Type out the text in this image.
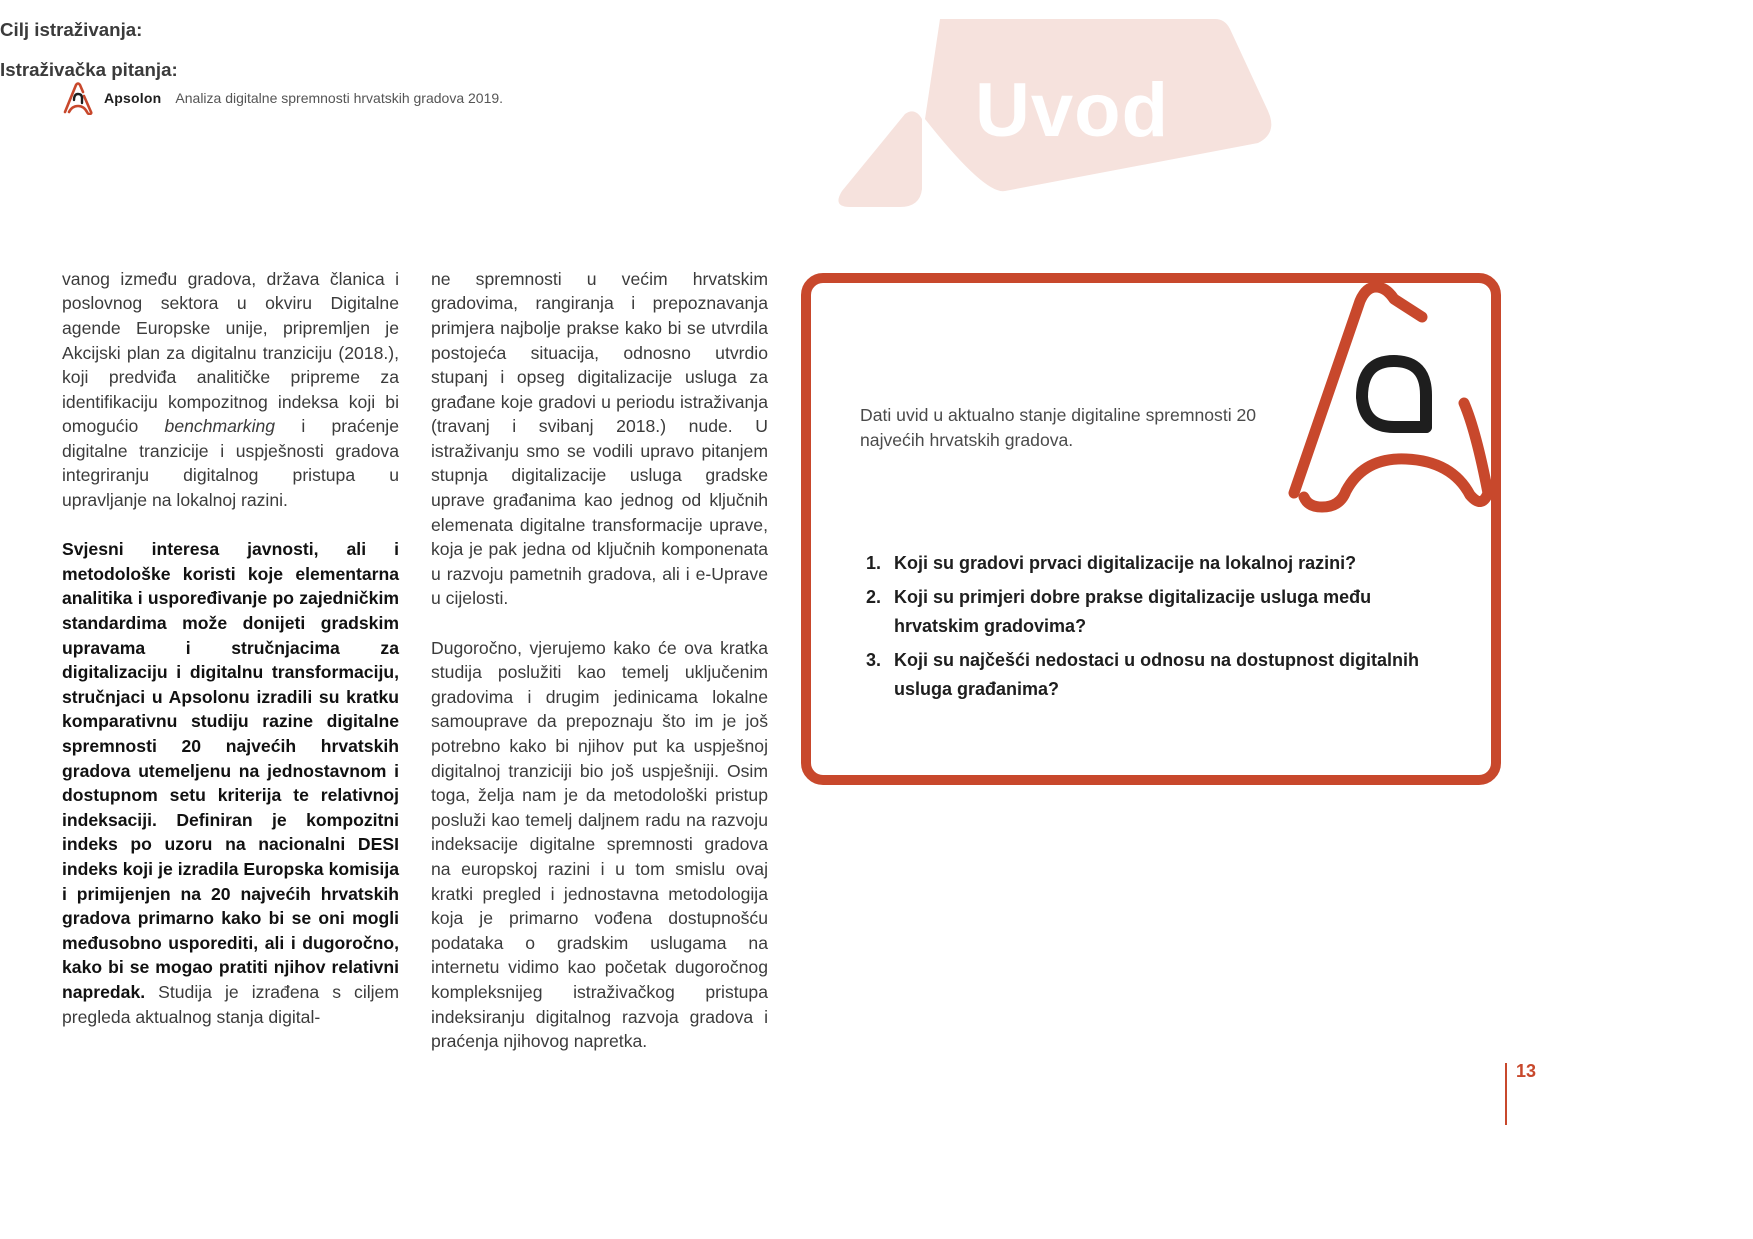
Apsolon Analiza digitalne spremnosti hrvatskih gradova 2019.	Uvod

vanog između gradova, država članica i poslovnog sektora u okviru Digitalne agende Europske unije, pripremljen je Akcijski plan za digitalnu tranziciju (2018.), koji predviđa analitičke pripreme za identifikaciju kompozitnog indeksa koji bi omogućio benchmarking i praćenje digitalne tranzicije i uspješnosti gradova integriranju digitalnog pristupa u upravljanje na lokalnoj razini.

Svjesni interesa javnosti, ali i metodološke koristi koje elementarna analitika i uspoređivanje po zajedničkim standardima može donijeti gradskim upravama i stručnjacima za digitalizaciju i digitalnu transformaciju, stručnjaci u Apsolonu izradili su kratku komparativnu studiju razine digitalne spremnosti 20 najvećih hrvatskih gradova utemeljenu na jednostavnom i dostupnom setu kriterija te relativnoj indeksaciji. Definiran je kompozitni indeks po uzoru na nacionalni DESI indeks koji je izradila Europska komisija i primijenjen na 20 najvećih hrvatskih gradova primarno kako bi se oni mogli međusobno usporediti, ali i dugoročno, kako bi se mogao pratiti njihov relativni napredak. Studija je izrađena s ciljem pregleda aktualnog stanja digital-

ne spremnosti u većim hrvatskim gradovima, rangiranja i prepoznavanja primjera najbolje prakse kako bi se utvrdila postojeća situacija, odnosno utvrdio stupanj i opseg digitalizacije usluga za građane koje gradovi u periodu istraživanja (travanj i svibanj 2018.) nude. U istraživanju smo se vodili upravo pitanjem stupnja digitalizacije usluga gradske uprave građanima kao jednog od ključnih elemenata digitalne transformacije uprave, koja je pak jedna od ključnih komponenata u razvoju pametnih gradova, ali i e-Uprave u cijelosti.

Dugoročno, vjerujemo kako će ova kratka studija poslužiti kao temelj uključenim gradovima i drugim jedinicama lokalne samouprave da prepoznaju što im je još potrebno kako bi njihov put ka uspješnoj digitalnoj tranziciji bio još uspješniji. Osim toga, želja nam je da metodološki pristup posluži kao temelj daljnem radu na razvoju indeksacije digitalne spremnosti gradova na europskoj razini i u tom smislu ovaj kratki pregled i jednostavna metodologija koja je primarno vođena dostupnošću podataka o gradskim uslugama na internetu vidimo kao početak dugoročnog kompleksnijeg istraživačkog pristupa indeksiranju digitalnog razvoja gradova i praćenja njihovog napretka.

Cilj istraživanja:
Dati uvid u aktualno stanje digitaline spremnosti 20 najvećih hrvatskih gradova.
Istraživačka pitanja:
1. Koji su gradovi prvaci digitalizacije na lokalnoj razini?
2. Koji su primjeri dobre prakse digitalizacije usluga među hrvatskim gradovima?
3. Koji su najčešći nedostaci u odnosu na dostupnost digitalnih usluga građanima?
13
